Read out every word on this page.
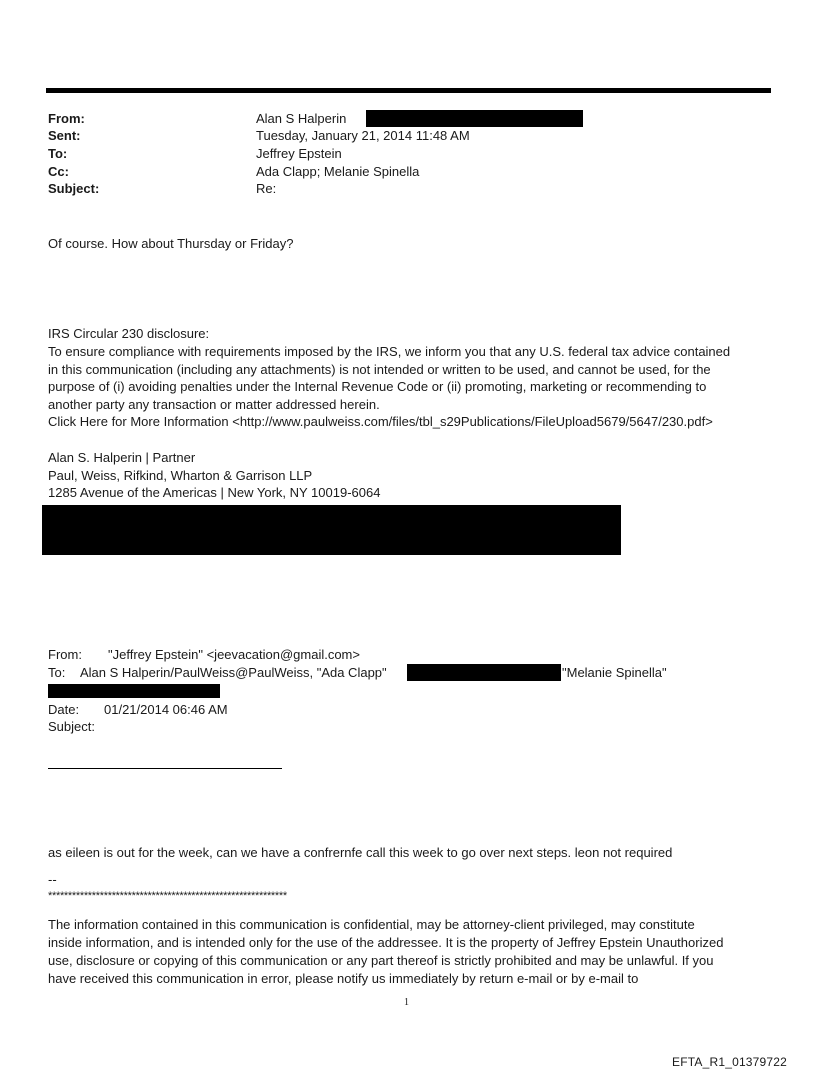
From:	Alan S Halperin
Sent:	Tuesday, January 21, 2014 11:48 AM
To:	Jeffrey Epstein
Cc:	Ada Clapp; Melanie Spinella
Subject:	Re:
Of course. How about Thursday or Friday?
IRS Circular 230 disclosure:
To ensure compliance with requirements imposed by the IRS, we inform you that any U.S. federal tax advice contained
in this communication (including any attachments) is not intended or written to be used, and cannot be used, for the
purpose of (i) avoiding penalties under the Internal Revenue Code or (ii) promoting, marketing or recommending to
another party any transaction or matter addressed herein.
Click Here for More Information <http://www.paulweiss.com/files/tbl_s29Publications/FileUpload5679/5647/230.pdf>
Alan S. Halperin | Partner
Paul, Weiss, Rifkind, Wharton & Garrison LLP
1285 Avenue of the Americas | New York, NY 10019-6064
From: "Jeffrey Epstein" <jeevacation@gmail.com>
To: Alan S Halperin/PaulWeiss@PaulWeiss, "Ada Clapp"	"Melanie Spinella"
Date: 01/21/2014 06:46 AM
Subject:
as eileen is out for the week, can we have a confrernfe call this week to go over next steps. leon not required
--
************************************************************
The information contained in this communication is confidential, may be attorney-client privileged, may constitute
inside information, and is intended only for the use of the addressee. It is the property of Jeffrey Epstein Unauthorized
use, disclosure or copying of this communication or any part thereof is strictly prohibited and may be unlawful. If you
have received this communication in error, please notify us immediately by return e-mail or by e-mail to
1
EFTA_R1_01379722
